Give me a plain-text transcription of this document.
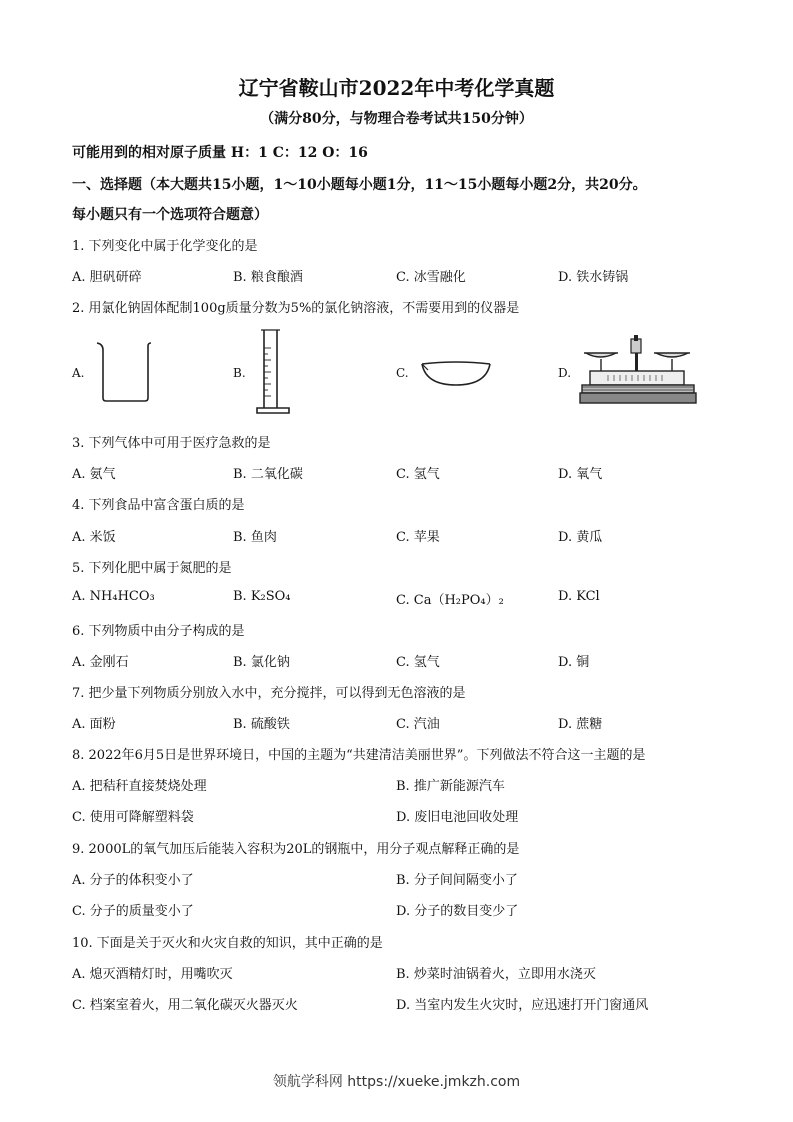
辽宁省鞍山市2022年中考化学真题
（满分80分，与物理合卷考试共150分钟）
可能用到的相对原子质量 H：1 C：12 O：16
一、选择题（本大题共15小题，1～10小题每小题1分，11～15小题每小题2分，共20分。
每小题只有一个选项符合题意）
1. 下列变化中属于化学变化的是
A. 胆矾研碎	B. 粮食酿酒	C. 冰雪融化	D. 铁水铸锅
2. 用氯化钠固体配制100g质量分数为5%的氯化钠溶液，不需要用到的仪器是
A.	B.	C.	D.
3. 下列气体中可用于医疗急救的是
A. 氨气	B. 二氧化碳	C. 氢气	D. 氧气
4. 下列食品中富含蛋白质的是
A. 米饭	B. 鱼肉	C. 苹果	D. 黄瓜
5. 下列化肥中属于氮肥的是
A. NH₄HCO₃	B. K₂SO₄	C. Ca（H₂PO₄）₂	D. KCl
6. 下列物质中由分子构成的是
A. 金刚石	B. 氯化钠	C. 氢气	D. 铜
7. 把少量下列物质分别放入水中，充分搅拌，可以得到无色溶液的是
A. 面粉	B. 硫酸铁	C. 汽油	D. 蔗糖
8. 2022年6月5日是世界环境日，中国的主题为“共建清洁美丽世界”。下列做法不符合这一主题的是
A. 把秸秆直接焚烧处理	B. 推广新能源汽车
C. 使用可降解塑料袋	D. 废旧电池回收处理
9. 2000L的氧气加压后能装入容积为20L的钢瓶中，用分子观点解释正确的是
A. 分子的体积变小了	B. 分子间间隔变小了
C. 分子的质量变小了	D. 分子的数目变少了
10. 下面是关于灭火和火灾自救的知识，其中正确的是
A. 熄灭酒精灯时，用嘴吹灭	B. 炒菜时油锅着火，立即用水浇灭
C. 档案室着火，用二氧化碳灭火器灭火	D. 当室内发生火灾时，应迅速打开门窗通风
领航学科网 https://xueke.jmkzh.com
